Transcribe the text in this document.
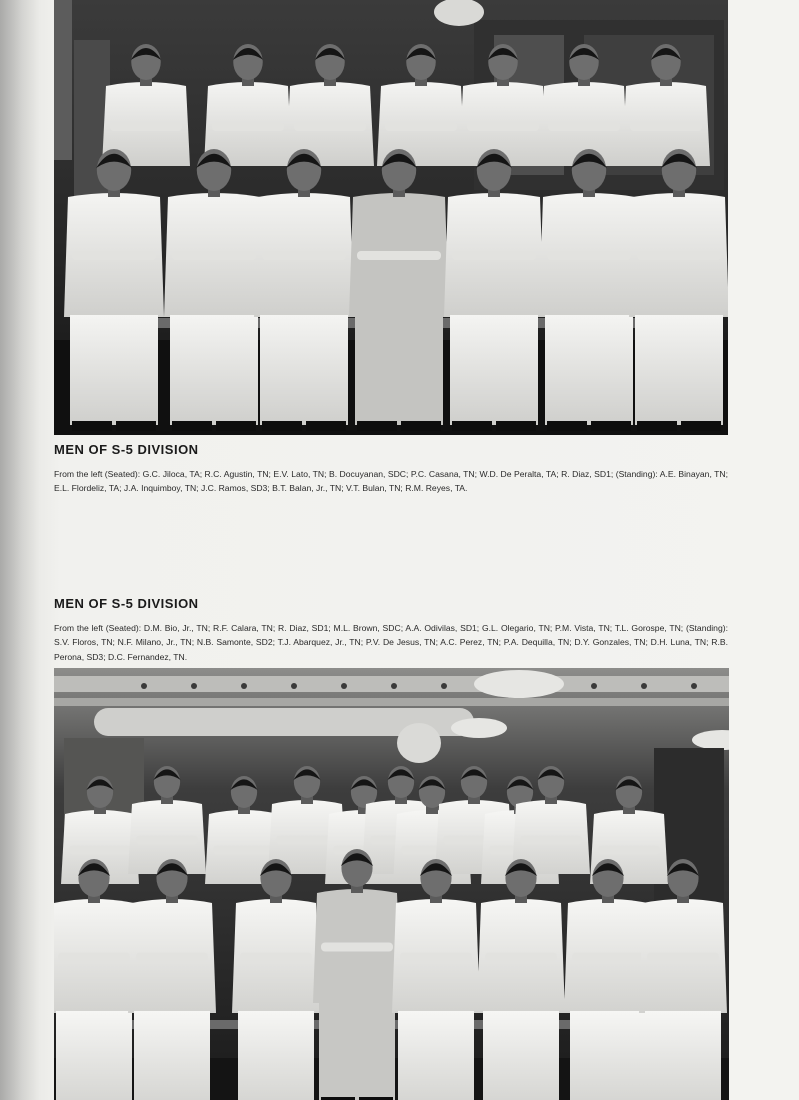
MEN OF S-5 DIVISION

From the left (Seated): G.C. Jiloca, TA; R.C. Agustin, TN; E.V. Lato, TN; B. Docuyanan, SDC; P.C. Casana, TN; W.D. De Peralta, TA; R. Diaz, SD1; (Standing): A.E. Binayan, TN; E.L. Flordeliz, TA; J.A. Inquimboy, TN; J.C. Ramos, SD3; B.T. Balan, Jr., TN; V.T. Bulan, TN; R.M. Reyes, TA.

MEN OF S-5 DIVISION

From the left (Seated): D.M. Bio, Jr., TN; R.F. Calara, TN; R. Diaz, SD1; M.L. Brown, SDC; A.A. Odivilas, SD1; G.L. Olegario, TN; P.M. Vista, TN; T.L. Gorospe, TN; (Standing): S.V. Floros, TN; N.F. Milano, Jr., TN; N.B. Samonte, SD2; T.J. Abarquez, Jr., TN; P.V. De Jesus, TN; A.C. Perez, TN; P.A. Dequilla, TN; D.Y. Gonzales, TN; D.H. Luna, TN; R.B. Perona, SD3; D.C. Fernandez, TN.
